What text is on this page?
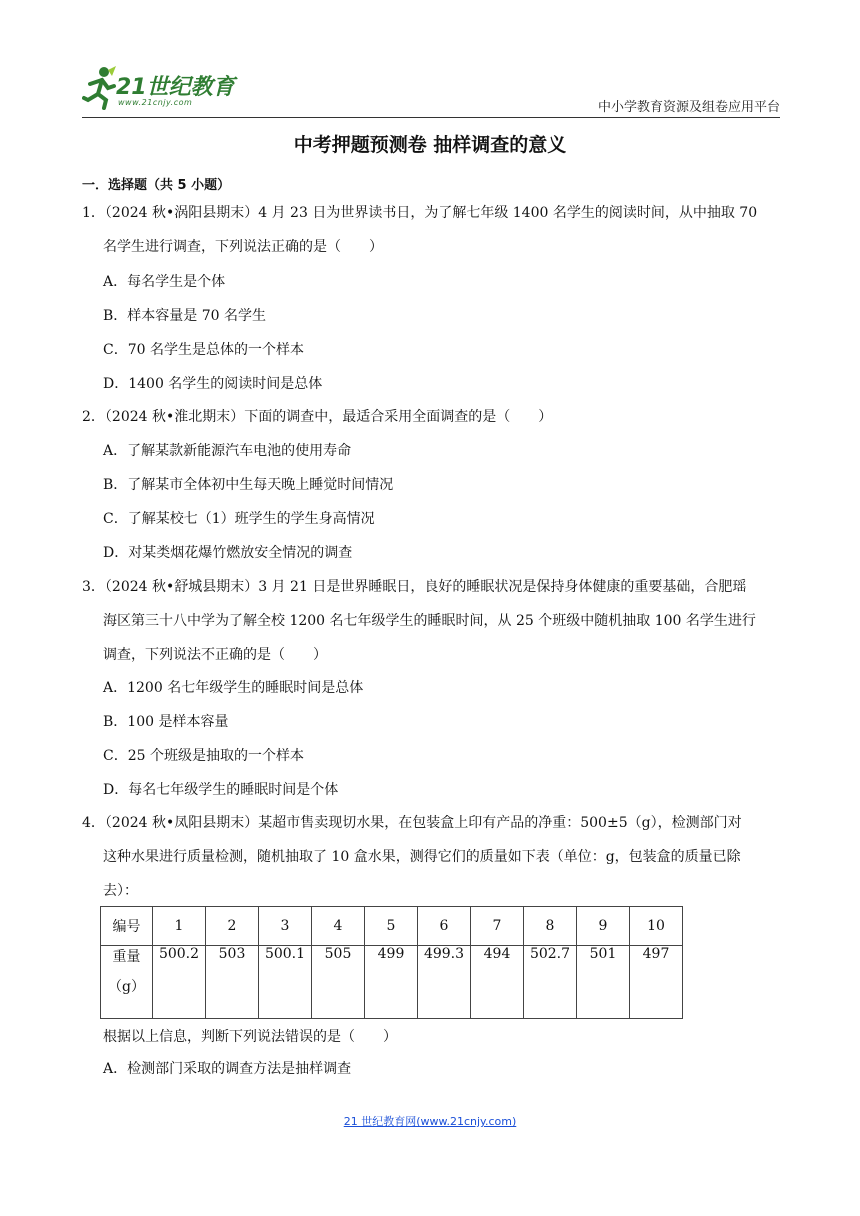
21世纪教育
www.21cnjy.com	中小学教育资源及组卷应用平台
中考押题预测卷 抽样调查的意义
一．选择题（共 5 小题）

1．（2024 秋•涡阳县期末）4 月 23 日为世界读书日，为了解七年级 1400 名学生的阅读时间，从中抽取 70

名学生进行调查，下列说法正确的是（　　）

A．每名学生是个体
B．样本容量是 70 名学生
C．70 名学生是总体的一个样本
D．1400 名学生的阅读时间是总体

2．（2024 秋•淮北期末）下面的调查中，最适合采用全面调查的是（　　）

A．了解某款新能源汽车电池的使用寿命
B．了解某市全体初中生每天晚上睡觉时间情况
C．了解某校七（1）班学生的学生身高情况
D．对某类烟花爆竹燃放安全情况的调查

3．（2024 秋•舒城县期末）3 月 21 日是世界睡眠日，良好的睡眠状况是保持身体健康的重要基础，合肥瑶

海区第三十八中学为了解全校 1200 名七年级学生的睡眠时间，从 25 个班级中随机抽取 100 名学生进行

调查，下列说法不正确的是（　　）

A．1200 名七年级学生的睡眠时间是总体
B．100 是样本容量
C．25 个班级是抽取的一个样本
D．每名七年级学生的睡眠时间是个体

4．（2024 秋•凤阳县期末）某超市售卖现切水果，在包装盒上印有产品的净重：500±5（g），检测部门对

这种水果进行质量检测，随机抽取了 10 盒水果，测得它们的质量如下表（单位：g，包装盒的质量已除

去）：

编号	1	2	3	4	5	6	7	8	9	10

重量
（g）	500.2	503	500.1	505	499	499.3	494	502.7	501	497

根据以上信息，判断下列说法错误的是（　　）

A．检测部门采取的调查方法是抽样调查
21 世纪教育网(www.21cnjy.com)
